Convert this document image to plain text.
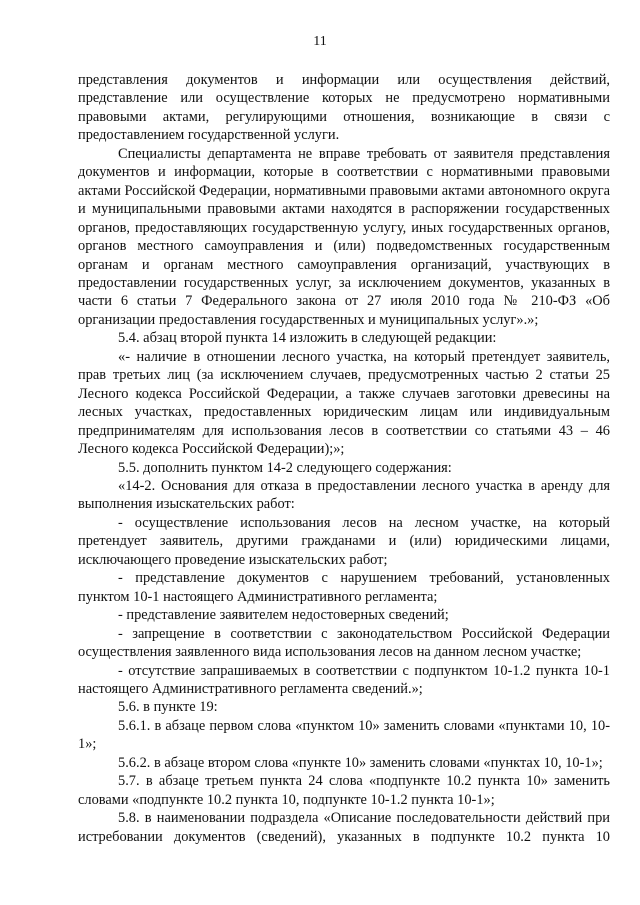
11

представления документов и информации или осуществления действий, представление или осуществление которых не предусмотрено нормативными правовыми актами, регулирующими отношения, возникающие в связи с предоставлением государственной услуги.

Специалисты департамента не вправе требовать от заявителя представления документов и информации, которые в соответствии с нормативными правовыми актами Российской Федерации, нормативными правовыми актами автономного округа и муниципальными правовыми актами находятся в распоряжении государственных органов, предоставляющих государственную услугу, иных государственных органов, органов местного самоуправления и (или) подведомственных государственным органам и органам местного самоуправления организаций, участвующих в предоставлении государственных услуг, за исключением документов, указанных в части 6 статьи 7 Федерального закона от 27 июля 2010 года № 210-ФЗ «Об организации предоставления государственных и муниципальных услуг».»;

5.4. абзац второй пункта 14 изложить в следующей редакции:

«- наличие в отношении лесного участка, на который претендует заявитель, прав третьих лиц (за исключением случаев, предусмотренных частью 2 статьи 25 Лесного кодекса Российской Федерации, а также случаев заготовки древесины на лесных участках, предоставленных юридическим лицам или индивидуальным предпринимателям для использования лесов в соответствии со статьями 43 – 46 Лесного кодекса Российской Федерации);»;

5.5. дополнить пунктом 14-2 следующего содержания:

«14-2. Основания для отказа в предоставлении лесного участка в аренду для выполнения изыскательских работ:

- осуществление использования лесов на лесном участке, на который претендует заявитель, другими гражданами и (или) юридическими лицами, исключающего проведение изыскательских работ;

- представление документов с нарушением требований, установленных пунктом 10-1 настоящего Административного регламента;

- представление заявителем недостоверных сведений;

- запрещение в соответствии с законодательством Российской Федерации осуществления заявленного вида использования лесов на данном лесном участке;

- отсутствие запрашиваемых в соответствии с подпунктом 10-1.2 пункта 10-1 настоящего Административного регламента сведений.»;

5.6. в пункте 19:

5.6.1. в абзаце первом слова «пунктом 10» заменить словами «пунктами 10, 10-1»;

5.6.2. в абзаце втором слова «пункте 10» заменить словами «пунктах 10, 10-1»;

5.7. в абзаце третьем пункта 24 слова «подпункте 10.2 пункта 10» заменить словами «подпункте 10.2 пункта 10, подпункте 10-1.2 пункта 10-1»;

5.8. в наименовании подраздела «Описание последовательности действий при истребовании документов (сведений), указанных в подпункте 10.2 пункта 10
